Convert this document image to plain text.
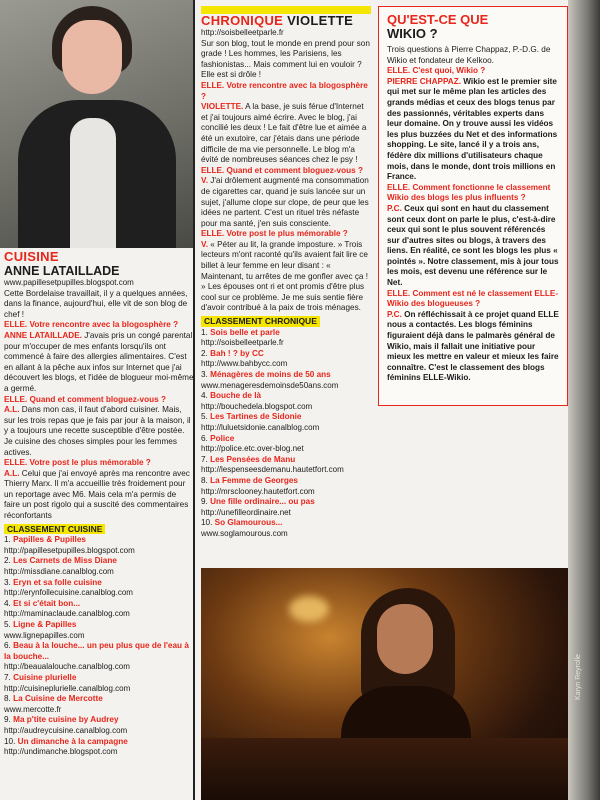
CUISINE
ANNE LATAILLADE

www.papillesetpupilles.blogspot.com

Cette Bordelaise travaillait, il y a quelques années, dans la finance, aujourd'hui, elle vit de son blog de chef !

ELLE. Votre rencontre avec la blogosphère ?

ANNE LATAILLADE. J'avais pris un congé parental pour m'occuper de mes enfants lorsqu'ils ont commencé à faire des allergies alimentaires. C'est en allant à la pêche aux infos sur Internet que j'ai découvert les blogs, et l'idée de blogueur moi-même a germé.

ELLE. Quand et comment bloguez-vous ?

A.L. Dans mon cas, il faut d'abord cuisiner. Mais, sur les trois repas que je fais par jour à la maison, il y a toujours une recette susceptible d'être postée. Je cuisine des choses simples pour les femmes actives.

ELLE. Votre post le plus mémorable ?

A.L. Celui que j'ai envoyé après ma rencontre avec Thierry Marx. Il m'a accueillie très froidement pour un reportage avec M6. Mais cela m'a permis de faire un post rigolo qui a suscité des commentaires réconfortants

CLASSEMENT CUISINE
1. Papilles & Pupilles
http://papillesetpupilles.blogspot.com
2. Les Carnets de Miss Diane
http://missdiane.canalblog.com
3. Eryn et sa folle cuisine
http://erynfollecuisine.canalblog.com
4. Et si c'était bon...
http://maminaclaude.canalblog.com
5. Ligne & Papilles
www.lignepapilles.com
6. Beau à la louche... un peu plus que de l'eau à la bouche...
http://beaualalouche.canalblog.com
7. Cuisine plurielle
http://cuisineplurielle.canalblog.com
8. La Cuisine de Mercotte
www.mercotte.fr
9. Ma p'tite cuisine by Audrey
http://audreycuisine.canalblog.com
10. Un dimanche à la campagne
http://undimanche.blogspot.com
CHRONIQUE VIOLETTE

http://soisbelleetparle.fr

Sur son blog, tout le monde en prend pour son grade ! Les hommes, les Parisiens, les fashionistas... Mais comment lui en vouloir ? Elle est si drôle !

ELLE. Votre rencontre avec la blogosphère ?

VIOLETTE. A la base, je suis férue d'Internet et j'ai toujours aimé écrire. Avec le blog, j'ai concilié les deux ! Le fait d'être lue et aimée a été un exutoire, car j'étais dans une période difficile de ma vie personnelle. Le blog m'a évité de nombreuses séances chez le psy !

ELLE. Quand et comment bloguez-vous ?

V. J'ai drôlement augmenté ma consommation de cigarettes car, quand je suis lancée sur un sujet, j'allume clope sur clope, de peur que les idées ne partent. C'est un rituel très néfaste pour ma santé, j'en suis consciente.

ELLE. Votre post le plus mémorable ?

V. « Péter au lit, la grande imposture. » Trois lecteurs m'ont raconté qu'ils avaient fait lire ce billet à leur femme en leur disant : « Maintenant, tu arrêtes de me gonfler avec ça ! » Les épouses ont ri et ont promis d'être plus cool sur ce problème. Je me suis sentie fière d'avoir contribué à la paix de trois ménages.

CLASSEMENT CHRONIQUE
1. Sois belle et parle
http://soisbelleetparle.fr
2. Bah ! ? by CC
http://www.bahbycc.com
3. Ménagères de moins de 50 ans
www.menageresdemoinsde50ans.com
4. Bouche de là
http://bouchedela.blogspot.com
5. Les Tartines de Sidonie
http://luluetsidonie.canalblog.com
6. Police
http://police.etc.over-blog.net
7. Les Pensées de Manu
http://lespenseesdemanu.hautetfort.com
8. La Femme de Georges
http://mrsclooney.hautetfort.com
9. Une fille ordinaire... ou pas
http://unefilleordinaire.net
10. So Glamourous...
www.soglamourous.com
QU'EST-CE QUE
WIKIO ?

Trois questions à Pierre Chappaz, P.-D.G. de Wikio et fondateur de Kelkoo.

ELLE. C'est quoi, Wikio ?

PIERRE CHAPPAZ. Wikio est le premier site qui met sur le même plan les articles des grands médias et ceux des blogs tenus par des passionnés, véritables experts dans leur domaine. On y trouve aussi les vidéos les plus buzzées du Net et des informations shopping. Le site, lancé il y a trois ans, fédère dix millions d'utilisateurs chaque mois, dans le monde, dont trois millions en France.

ELLE. Comment fonctionne le classement Wikio des blogs les plus influents ?

P.C. Ceux qui sont en haut du classement sont ceux dont on parle le plus, c'est-à-dire ceux qui sont le plus souvent référencés sur d'autres sites ou blogs, à travers des liens. En réalité, ce sont les blogs les plus « pointés ». Notre classement, mis à jour tous les mois, est devenu une référence sur le Net.

ELLE. Comment est né le classement ELLE-Wikio des blogueuses ?

P.C. On réfléchissait à ce projet quand ELLE nous a contactés. Les blogs féminins figuraient déjà dans le palmarès général de Wikio, mais il fallait une initiative pour mieux les mettre en valeur et mieux les faire connaître. C'est le classement des blogs féminins ELLE-Wikio.

Karyn Reyrolle
